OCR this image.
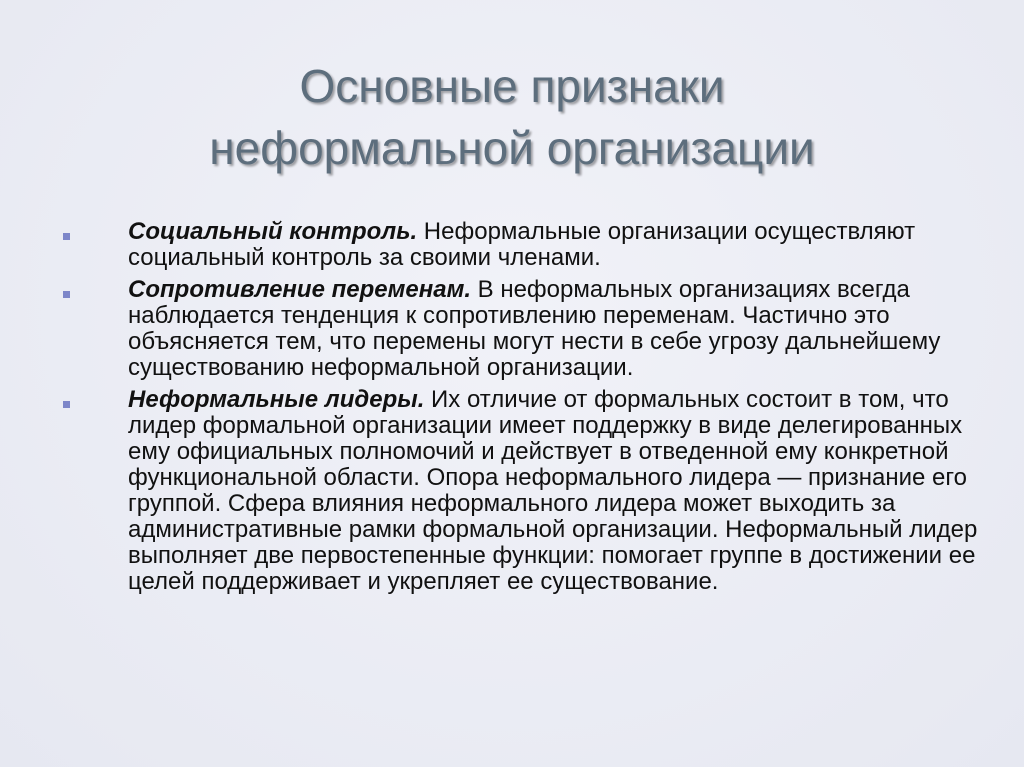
Основные признаки
неформальной организации
Социальный контроль. Неформальные организации осуществляют социальный контроль за своими членами.
Сопротивление переменам. В неформальных организациях всегда наблюдается тенденция к сопротивлению переменам. Частично это объясняется тем, что перемены могут нести в себе угрозу дальнейшему существованию неформальной организации.
Неформальные лидеры. Их отличие от формальных состоит в том, что лидер формальной организации имеет поддержку в виде делегированных ему официальных полномочий и действует в отведенной ему конкретной функциональной области. Опора неформального лидера — признание его группой. Сфера влияния неформального лидера может выходить за административные рамки формальной организации. Неформальный лидер выполняет две первостепенные функции: помогает группе в достижении ее целей поддерживает и укрепляет ее существование.
